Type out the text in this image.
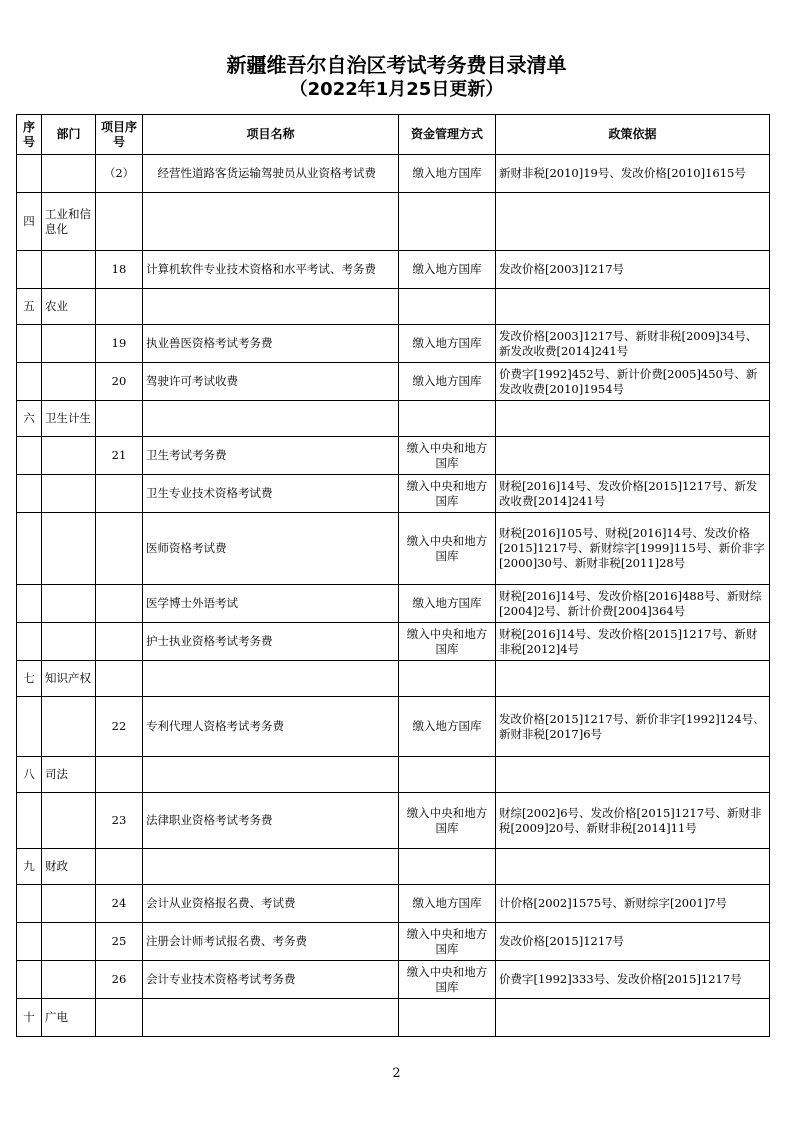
新疆维吾尔自治区考试考务费目录清单
（2022年1月25日更新）
序号	部门	项目序号	项目名称	资金管理方式	政策依据
		（2）	　经营性道路客货运输驾驶员从业资格考试费	缴入地方国库	新财非税[2010]19号、发改价格[2010]1615号
四	工业和信息化				
		18	计算机软件专业技术资格和水平考试、考务费	缴入地方国库	发改价格[2003]1217号
五	农业				
		19	执业兽医资格考试考务费	缴入地方国库	发改价格[2003]1217号、新财非税[2009]34号、新发改收费[2014]241号
		20	驾驶许可考试收费	缴入地方国库	价费字[1992]452号、新计价费[2005]450号、新发改收费[2010]1954号
六	卫生计生				
		21	卫生考试考务费	缴入中央和地方国库	
			卫生专业技术资格考试费	缴入中央和地方国库	财税[2016]14号、发改价格[2015]1217号、新发改收费[2014]241号
			医师资格考试费	缴入中央和地方国库	财税[2016]105号、财税[2016]14号、发改价格[2015]1217号、新财综字[1999]115号、新价非字[2000]30号、新财非税[2011]28号
			医学博士外语考试	缴入地方国库	财税[2016]14号、发改价格[2016]488号、新财综[2004]2号、新计价费[2004]364号
			护士执业资格考试考务费	缴入中央和地方国库	财税[2016]14号、发改价格[2015]1217号、新财非税[2012]4号
七	知识产权				
		22	专利代理人资格考试考务费	缴入地方国库	发改价格[2015]1217号、新价非字[1992]124号、新财非税[2017]6号
八	司法				
		23	法律职业资格考试考务费	缴入中央和地方国库	财综[2002]6号、发改价格[2015]1217号、新财非税[2009]20号、新财非税[2014]11号
九	财政				
		24	会计从业资格报名费、考试费	缴入地方国库	计价格[2002]1575号、新财综字[2001]7号
		25	注册会计师考试报名费、考务费	缴入中央和地方国库	发改价格[2015]1217号
		26	会计专业技术资格考试考务费	缴入中央和地方国库	价费字[1992]333号、发改价格[2015]1217号
十	广电				
2
